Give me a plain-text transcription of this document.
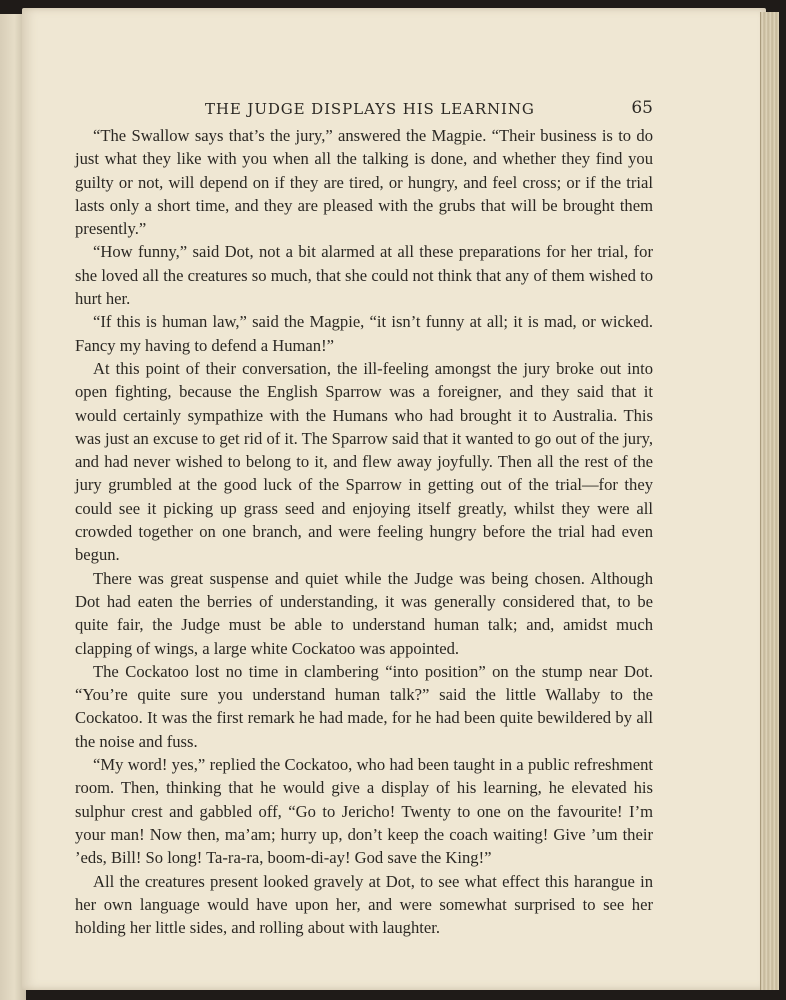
THE JUDGE DISPLAYS HIS LEARNING	65

“The Swallow says that’s the jury,” answered the Magpie. “Their business is to do just what they like with you when all the talking is done, and whether they find you guilty or not, will depend on if they are tired, or hungry, and feel cross; or if the trial lasts only a short time, and they are pleased with the grubs that will be brought them presently.”

“How funny,” said Dot, not a bit alarmed at all these preparations for her trial, for she loved all the creatures so much, that she could not think that any of them wished to hurt her.

“If this is human law,” said the Magpie, “it isn’t funny at all; it is mad, or wicked. Fancy my having to defend a Human!”

At this point of their conversation, the ill-feeling amongst the jury broke out into open fighting, because the English Sparrow was a foreigner, and they said that it would certainly sympathize with the Humans who had brought it to Australia. This was just an excuse to get rid of it. The Sparrow said that it wanted to go out of the jury, and had never wished to belong to it, and flew away joyfully. Then all the rest of the jury grumbled at the good luck of the Sparrow in getting out of the trial—for they could see it picking up grass seed and enjoying itself greatly, whilst they were all crowded together on one branch, and were feeling hungry before the trial had even begun.

There was great suspense and quiet while the Judge was being chosen. Although Dot had eaten the berries of understanding, it was generally considered that, to be quite fair, the Judge must be able to understand human talk; and, amidst much clapping of wings, a large white Cockatoo was appointed.

The Cockatoo lost no time in clambering “into position” on the stump near Dot. “You’re quite sure you understand human talk?” said the little Wallaby to the Cockatoo. It was the first remark he had made, for he had been quite bewildered by all the noise and fuss.

“My word! yes,” replied the Cockatoo, who had been taught in a public refreshment room. Then, thinking that he would give a display of his learning, he elevated his sulphur crest and gabbled off, “Go to Jericho! Twenty to one on the favourite! I’m your man! Now then, ma’am; hurry up, don’t keep the coach waiting! Give ’um their ’eds, Bill! So long! Ta-ra-ra, boom-di-ay! God save the King!”

All the creatures present looked gravely at Dot, to see what effect this harangue in her own language would have upon her, and were somewhat surprised to see her holding her little sides, and rolling about with laughter.
